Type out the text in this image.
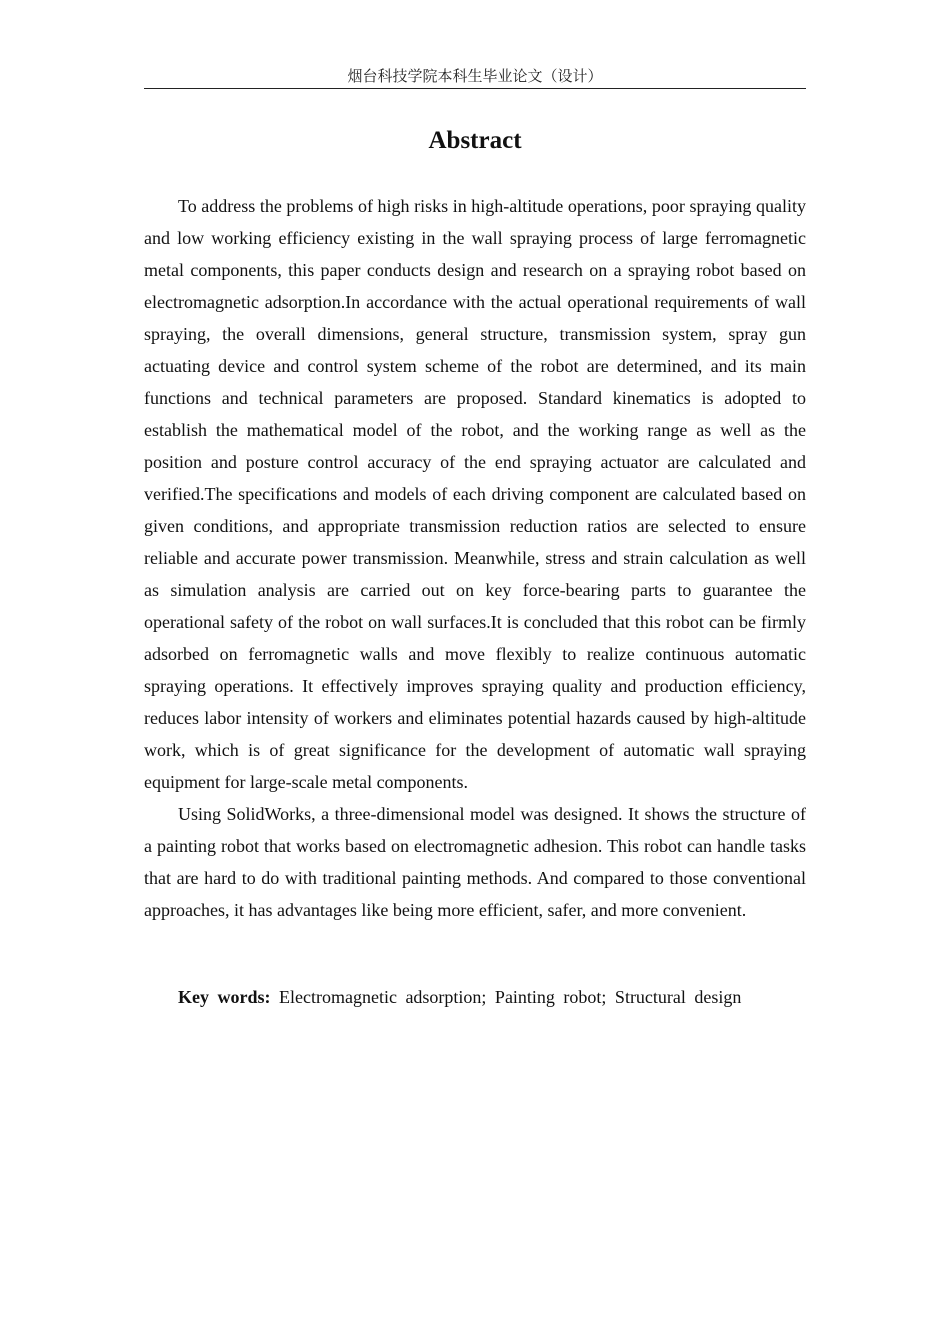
烟台科技学院本科生毕业论文（设计）
Abstract

To address the problems of high risks in high-altitude operations, poor spraying quality and low working efficiency existing in the wall spraying process of large ferromagnetic metal components, this paper conducts design and research on a spraying robot based on electromagnetic adsorption.In accordance with the actual operational requirements of wall spraying, the overall dimensions, general structure, transmission system, spray gun actuating device and control system scheme of the robot are determined, and its main functions and technical parameters are proposed. Standard kinematics is adopted to establish the mathematical model of the robot, and the working range as well as the position and posture control accuracy of the end spraying actuator are calculated and verified.The specifications and models of each driving component are calculated based on given conditions, and appropriate transmission reduction ratios are selected to ensure reliable and accurate power transmission. Meanwhile, stress and strain calculation as well as simulation analysis are carried out on key force-bearing parts to guarantee the operational safety of the robot on wall surfaces.It is concluded that this robot can be firmly adsorbed on ferromagnetic walls and move flexibly to realize continuous automatic spraying operations. It effectively improves spraying quality and production efficiency, reduces labor intensity of workers and eliminates potential hazards caused by high-altitude work, which is of great significance for the development of automatic wall spraying equipment for large-scale metal components.

Using SolidWorks, a three-dimensional model was designed. It shows the structure of a painting robot that works based on electromagnetic adhesion. This robot can handle tasks that are hard to do with traditional painting methods. And compared to those conventional approaches, it has advantages like being more efficient, safer, and more convenient.

Key words: Electromagnetic adsorption; Painting robot; Structural design
